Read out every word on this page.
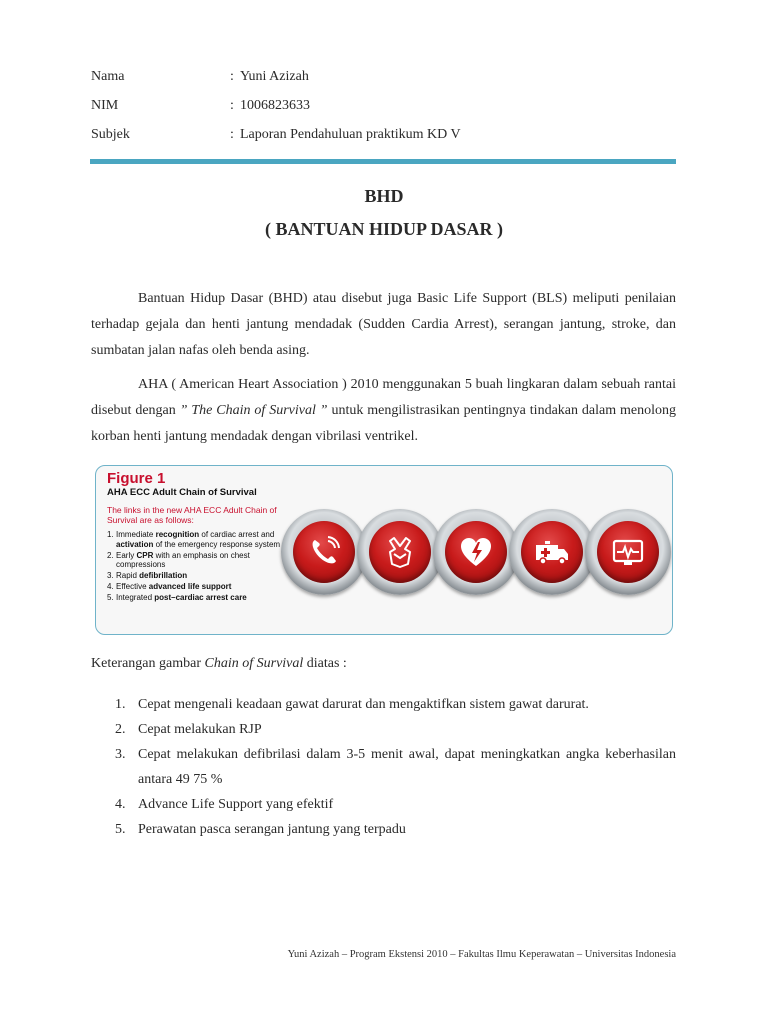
Nama	: Yuni Azizah
NIM	: 1006823633
Subjek	: Laporan Pendahuluan praktikum KD V
BHD
( BANTUAN HIDUP DASAR )
Bantuan Hidup Dasar (BHD) atau disebut juga Basic Life Support (BLS) meliputi penilaian terhadap gejala dan henti jantung mendadak (Sudden Cardia Arrest), serangan jantung, stroke, dan sumbatan jalan nafas oleh benda asing.
AHA ( American Heart Association ) 2010 menggunakan 5 buah lingkaran dalam sebuah rantai disebut dengan ” The Chain of Survival ” untuk mengilistrasikan pentingnya tindakan dalam menolong korban henti jantung mendadak dengan vibrilasi ventrikel.
Figure 1
AHA ECC Adult Chain of Survival
The links in the new AHA ECC Adult Chain of Survival are as follows:
1. Immediate recognition of cardiac arrest and activation of the emergency response system
2. Early CPR with an emphasis on chest compressions
3. Rapid defibrillation
4. Effective advanced life support
5. Integrated post–cardiac arrest care
Keterangan gambar Chain of Survival diatas :
1. Cepat mengenali keadaan gawat darurat dan mengaktifkan sistem gawat darurat.
2. Cepat melakukan RJP
3. Cepat melakukan defibrilasi dalam 3-5 menit awal, dapat meningkatkan angka keberhasilan antara 49 75 %
4. Advance Life Support yang efektif
5. Perawatan pasca serangan jantung yang terpadu
Yuni Azizah – Program Ekstensi 2010 – Fakultas Ilmu Keperawatan – Universitas Indonesia
